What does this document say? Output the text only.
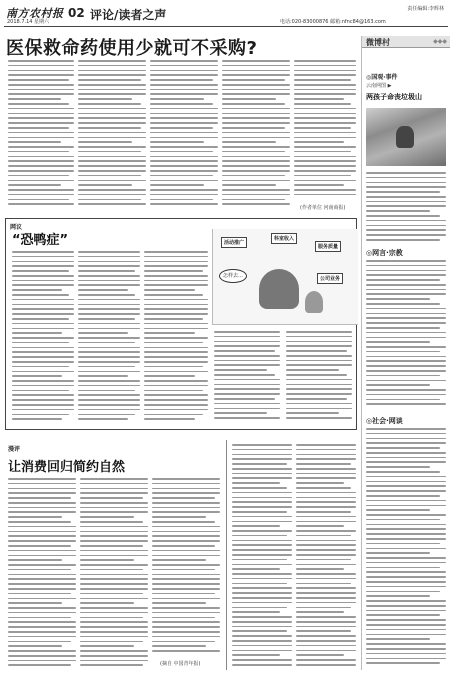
南方农村报
2018.7.14 星期六
02 评论/读者之声	责任编辑:李辉林
电话:020-83000876 邮箱:nfnc84@163.com
医保救命药使用少就可不采购?
(作者单位 河南商报)
网议
“恐鸭症”	活动推广
科室收入
服务质量
公司业务
怎样去…
漫评
让消费回归简约自然
(摘自 中国青年报)
微博村	◆◆◆
◎国观·事件
云南网图 ▶
两孩子命丧垃圾山
◎网言·宗教
◎社会·网谈
